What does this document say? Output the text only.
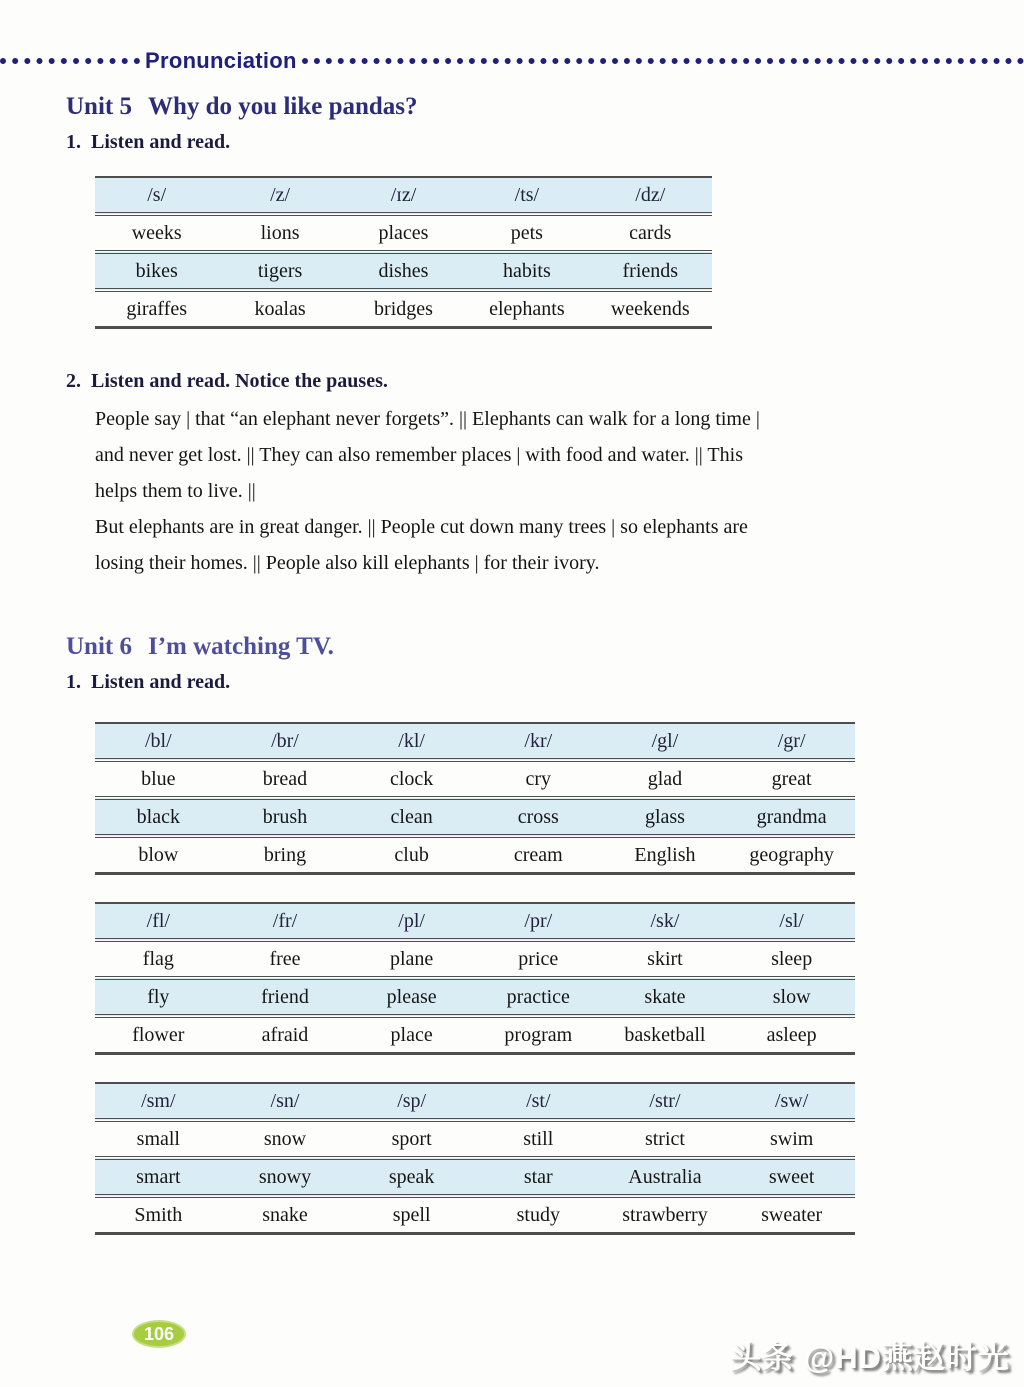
Pronunciation
Unit 5 Why do you like pandas?
1.  Listen and read.
/s/	/z/	/ɪz/	/ts/	/dz/
weeks	lions	places	pets	cards
bikes	tigers	dishes	habits	friends
giraffes	koalas	bridges	elephants	weekends
2.  Listen and read. Notice the pauses.
People say | that “an elephant never forgets”. || Elephants can walk for a long time |
and never get lost. || They can also remember places | with food and water. || This
helps them to live. ||
But elephants are in great danger. || People cut down many trees | so elephants are
losing their homes. || People also kill elephants | for their ivory.
Unit 6 I’m watching TV.
1.  Listen and read.
/bl/	/br/	/kl/	/kr/	/gl/	/gr/
blue	bread	clock	cry	glad	great
black	brush	clean	cross	glass	grandma
blow	bring	club	cream	English	geography
/fl/	/fr/	/pl/	/pr/	/sk/	/sl/
flag	free	plane	price	skirt	sleep
fly	friend	please	practice	skate	slow
flower	afraid	place	program	basketball	asleep
/sm/	/sn/	/sp/	/st/	/str/	/sw/
small	snow	sport	still	strict	swim
smart	snowy	speak	star	Australia	sweet
Smith	snake	spell	study	strawberry	sweater
106
头条 @HD燕赵时光
